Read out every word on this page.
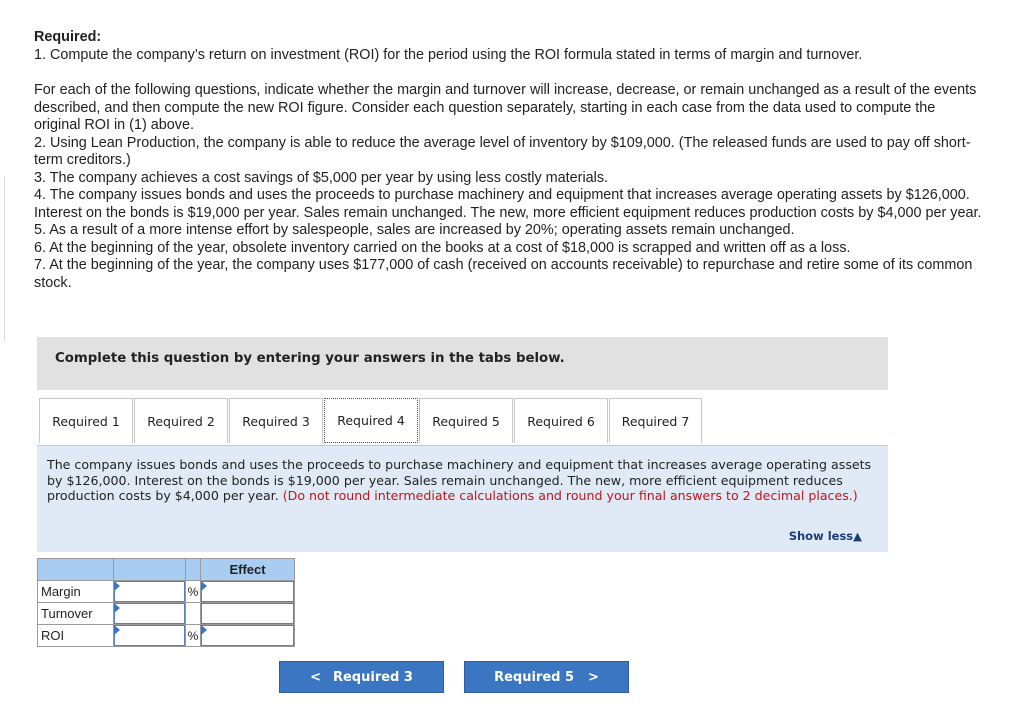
Required:

1. Compute the company’s return on investment (ROI) for the period using the ROI formula stated in terms of margin and turnover.

For each of the following questions, indicate whether the margin and turnover will increase, decrease, or remain unchanged as a result of the events described, and then compute the new ROI figure. Consider each question separately, starting in each case from the data used to compute the original ROI in (1) above.

2. Using Lean Production, the company is able to reduce the average level of inventory by $109,000. (The released funds are used to pay off short-term creditors.)

3. The company achieves a cost savings of $5,000 per year by using less costly materials.

4. The company issues bonds and uses the proceeds to purchase machinery and equipment that increases average operating assets by $126,000. Interest on the bonds is $19,000 per year. Sales remain unchanged. The new, more efficient equipment reduces production costs by $4,000 per year.

5. As a result of a more intense effort by salespeople, sales are increased by 20%; operating assets remain unchanged.

6. At the beginning of the year, obsolete inventory carried on the books at a cost of $18,000 is scrapped and written off as a loss.

7. At the beginning of the year, the company uses $177,000 of cash (received on accounts receivable) to repurchase and retire some of its common stock.

Complete this question by entering your answers in the tabs below.
Required 1	Required 2	Required 3	Required 4	Required 5	Required 6	Required 7
The company issues bonds and uses the proceeds to purchase machinery and equipment that increases average operating assets by $126,000. Interest on the bonds is $19,000 per year. Sales remain unchanged. The new, more efficient equipment reduces production costs by $4,000 per year. (Do not round intermediate calculations and round your final answers to 2 decimal places.)
Show less▲
			Effect
Margin		%	

Turnover	

ROI		%	
< Required 3	Required 5 >
